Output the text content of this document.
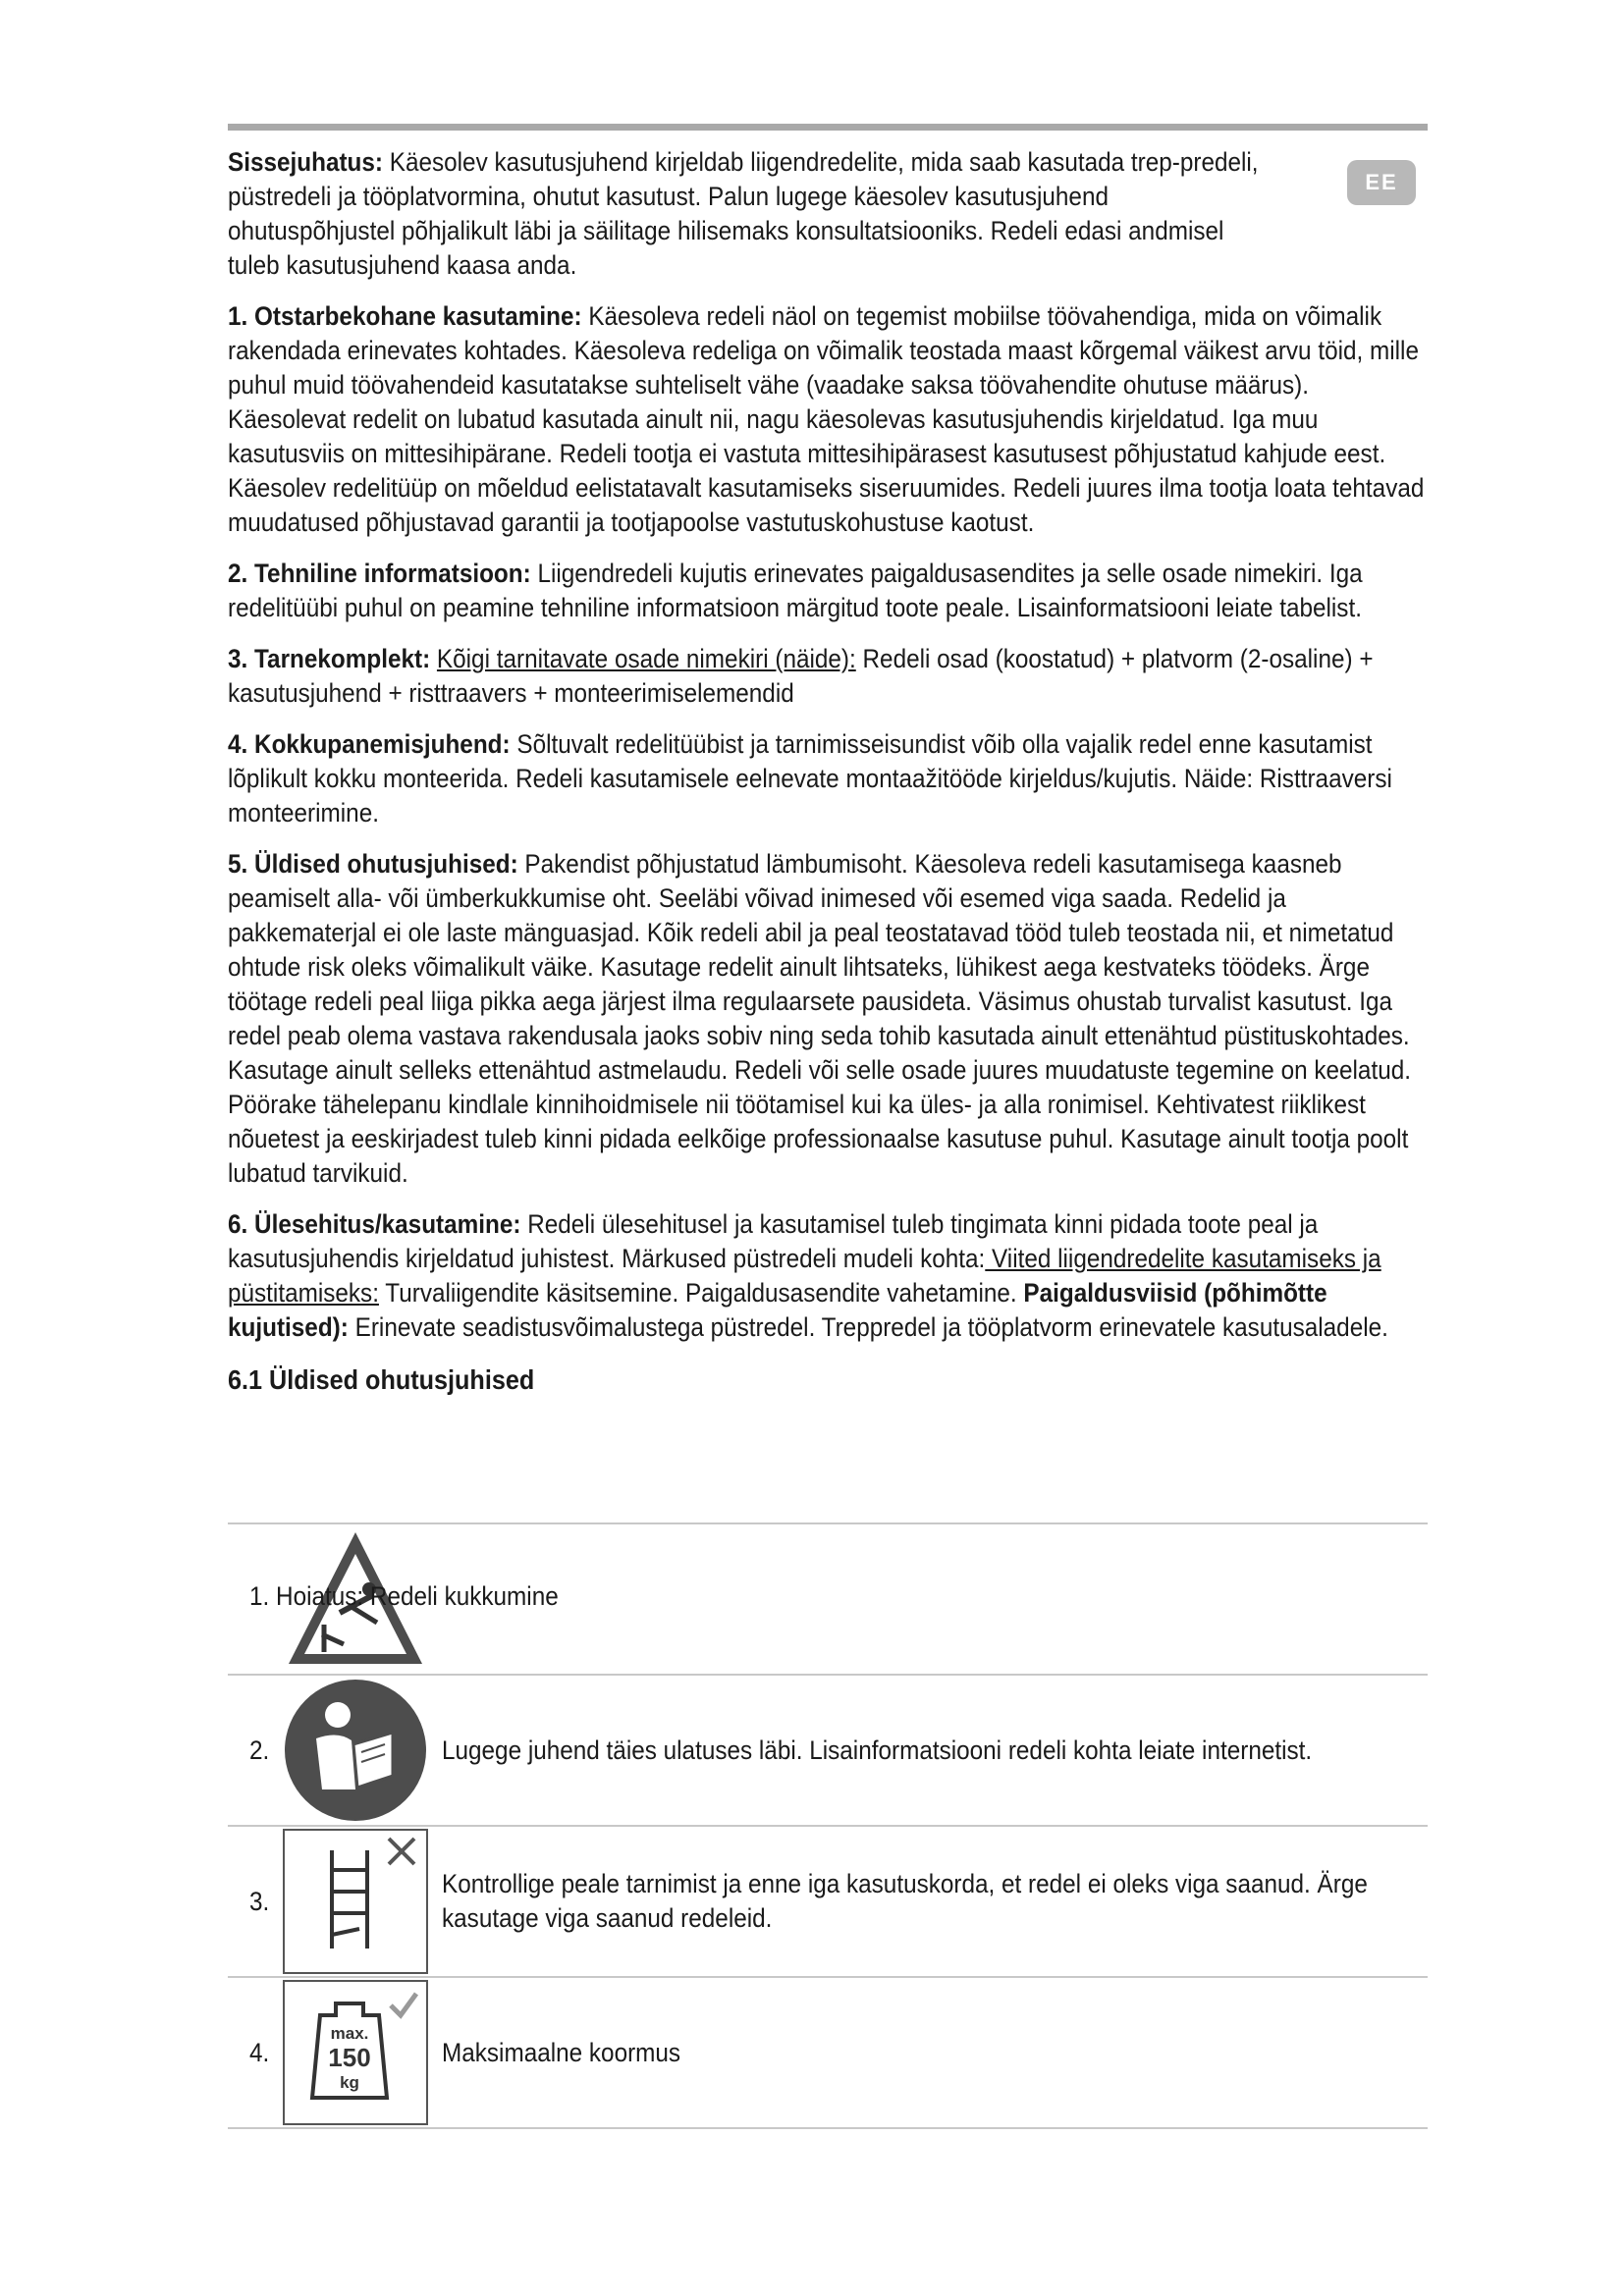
EE

Sissejuhatus: Käesolev kasutusjuhend kirjeldab liigendredelite, mida saab kasutada trep-predeli, püstredeli ja tööplatvormina, ohutut kasutust. Palun lugege käesolev kasutusjuhend ohutuspõhjustel põhjalikult läbi ja säilitage hilisemaks konsultatsiooniks. Redeli edasi andmisel tuleb kasutusjuhend kaasa anda.

1. Otstarbekohane kasutamine: Käesoleva redeli näol on tegemist mobiilse töövahendiga, mida on võimalik rakendada erinevates kohtades. Käesoleva redeliga on võimalik teostada maast kõrgemal väikest arvu töid, mille puhul muid töövahendeid kasutatakse suhteliselt vähe (vaadake saksa töövahendite ohutuse määrus). Käesolevat redelit on lubatud kasutada ainult nii, nagu käesolevas kasutusjuhendis kirjeldatud. Iga muu kasutusviis on mittesihipärane. Redeli tootja ei vastuta mittesihipärasest kasutusest põhjustatud kahjude eest. Käesolev redelitüüp on mõeldud eelistatavalt kasutamiseks siseruumides. Redeli juures ilma tootja loata tehtavad muudatused põhjustavad garantii ja tootjapoolse vastutuskohustuse kaotust.

2. Tehniline informatsioon: Liigendredeli kujutis erinevates paigaldusasendites ja selle osade nimekiri. Iga redelitüübi puhul on peamine tehniline informatsioon märgitud toote peale. Lisainformatsiooni leiate tabelist.

3. Tarnekomplekt: Kõigi tarnitavate osade nimekiri (näide): Redeli osad (koostatud) + platvorm (2-osaline) + kasutusjuhend + risttraavers + monteerimiselemendid

4. Kokkupanemisjuhend: Sõltuvalt redelitüübist ja tarnimisseisundist võib olla vajalik redel enne kasutamist lõplikult kokku monteerida. Redeli kasutamisele eelnevate montaažitööde kirjeldus/kujutis. Näide: Risttraaversi monteerimine.

5. Üldised ohutusjuhised: Pakendist põhjustatud lämbumisoht. Käesoleva redeli kasutamisega kaasneb peamiselt alla- või ümberkukkumise oht. Seeläbi võivad inimesed või esemed viga saada. Redelid ja pakkematerjal ei ole laste mänguasjad. Kõik redeli abil ja peal teostatavad tööd tuleb teostada nii, et nimetatud ohtude risk oleks võimalikult väike. Kasutage redelit ainult lihtsateks, lühikest aega kestvateks töödeks. Ärge töötage redeli peal liiga pikka aega järjest ilma regulaarsete pausideta. Väsimus ohustab turvalist kasutust. Iga redel peab olema vastava rakendusala jaoks sobiv ning seda tohib kasutada ainult ettenähtud püstituskohtades. Kasutage ainult selleks ettenähtud astmelaudu. Redeli või selle osade juures muudatuste tegemine on keelatud. Pöörake tähelepanu kindlale kinnihoidmisele nii töötamisel kui ka üles- ja alla ronimisel. Kehtivatest riiklikest nõuetest ja eeskirjadest tuleb kinni pidada eelkõige professionaalse kasutuse puhul. Kasutage ainult tootja poolt lubatud tarvikuid.

6. Ülesehitus/kasutamine: Redeli ülesehitusel ja kasutamisel tuleb tingimata kinni pidada toote peal ja kasutusjuhendis kirjeldatud juhistest. Märkused püstredeli mudeli kohta: Viited liigendredelite kasutamiseks ja püstitamiseks: Turvaliigendite käsitsemine. Paigaldusasendite vahetamine. Paigaldusviisid (põhimõtte kujutised): Erinevate seadistusvõimalustega püstredel. Treppredel ja tööplatvorm erinevatele kasutusaladele.

6.1 Üldised ohutusjuhised
1. Hoiatus: Redeli kukkumine
2.	Lugege juhend täies ulatuses läbi. Lisainformatsiooni redeli kohta leiate internetist.
3.
Kontrollige peale tarnimist ja enne iga kasutuskorda, et redel ei oleks viga saanud. Ärge kasutage viga saanud redeleid.
4.
max.
150
kg
Maksimaalne koormus
